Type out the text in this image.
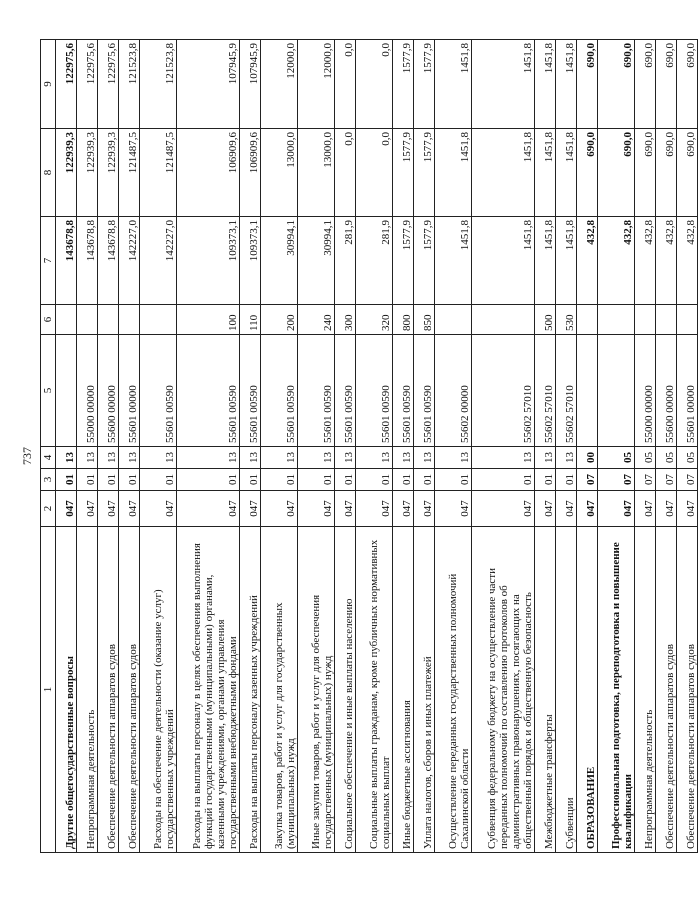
737
1	2	3	4	5	6	7	8	9
Другие общегосударственные вопросы	047	01	13			143678,8	122939,3	122975,6
Непрограммная деятельность	047	01	13	55000 00000		143678,8	122939,3	122975,6
Обеспечение деятельности аппаратов судов	047	01	13	55600 00000		143678,8	122939,3	122975,6
Обеспечение деятельности аппаратов судов	047	01	13	55601 00000		142227,0	121487,5	121523,8
Расходы на обеспечение деятельности (оказание услуг) государственных учреждений	047	01	13	55601 00590		142227,0	121487,5	121523,8
Расходы на выплаты персоналу в целях обеспечения выполнения функций государственными (муниципальными) органами, казенными учреждениями, органами управления государственными внебюджетными фондами	047	01	13	55601 00590	100	109373,1	106909,6	107945,9
Расходы на выплаты персоналу казенных учреждений	047	01	13	55601 00590	110	109373,1	106909,6	107945,9
Закупка товаров, работ и услуг для государственных (муниципальных) нужд	047	01	13	55601 00590	200	30994,1	13000,0	12000,0
Иные закупки товаров, работ и услуг для обеспечения государственных (муниципальных) нужд	047	01	13	55601 00590	240	30994,1	13000,0	12000,0
Социальное обеспечение и иные выплаты населению	047	01	13	55601 00590	300	281,9	0,0	0,0
Социальные выплаты гражданам, кроме публичных нормативных социальных выплат	047	01	13	55601 00590	320	281,9	0,0	0,0
Иные бюджетные ассигнования	047	01	13	55601 00590	800	1577,9	1577,9	1577,9
Уплата налогов, сборов и иных платежей	047	01	13	55601 00590	850	1577,9	1577,9	1577,9
Осуществление переданных государственных полномочий Сахалинской области	047	01	13	55602 00000		1451,8	1451,8	1451,8
Субвенция федеральному бюджету на осуществление части переданных полномочий по составлению протоколов об административных правонарушениях, посягающих на общественный порядок и общественную безопасность	047	01	13	55602 57010		1451,8	1451,8	1451,8
Межбюджетные трансферты	047	01	13	55602 57010	500	1451,8	1451,8	1451,8
Субвенции	047	01	13	55602 57010	530	1451,8	1451,8	1451,8
ОБРАЗОВАНИЕ	047	07	00			432,8	690,0	690,0
Профессиональная подготовка, переподготовка и повышение квалификации	047	07	05			432,8	690,0	690,0
Непрограммная деятельность	047	07	05	55000 00000		432,8	690,0	690,0
Обеспечение деятельности аппаратов судов	047	07	05	55600 00000		432,8	690,0	690,0
Обеспечение деятельности аппаратов судов	047	07	05	55601 00000		432,8	690,0	690,0
